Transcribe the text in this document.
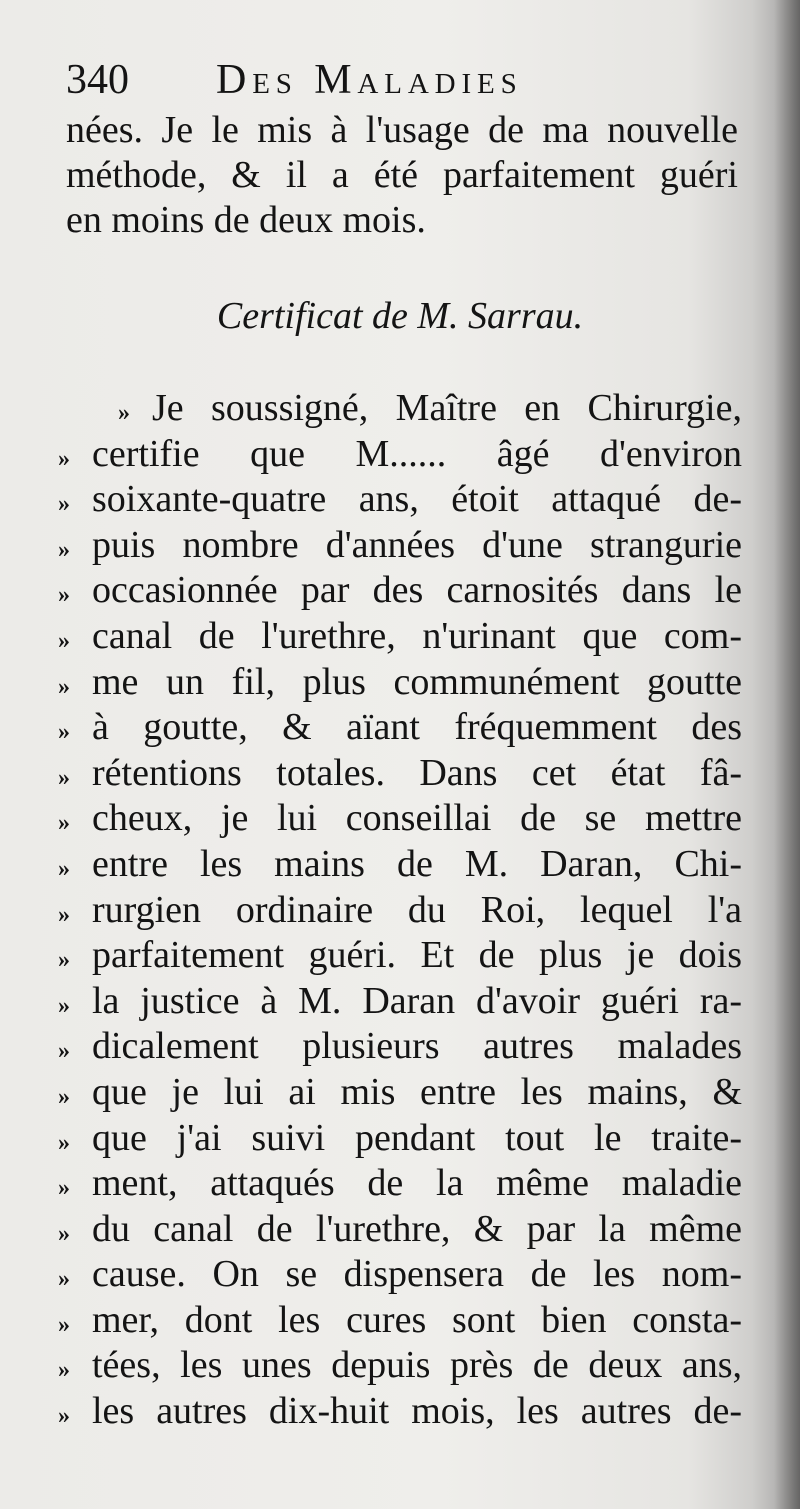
340 Des Maladies
nées. Je le mis à l'usage de ma nouvelle
méthode, & il a été parfaitement guéri
en moins de deux mois.
Certificat de M. Sarrau.
» Je soussigné, Maître en Chirurgie,
» certifie que M...... âgé d'environ
» soixante-quatre ans, étoit attaqué de-
» puis nombre d'années d'une strangurie
» occasionnée par des carnosités dans le
» canal de l'urethre, n'urinant que com-
» me un fil, plus communément goutte
» à goutte, & aïant fréquemment des
» rétentions totales. Dans cet état fâ-
» cheux, je lui conseillai de se mettre
» entre les mains de M. Daran, Chi-
» rurgien ordinaire du Roi, lequel l'a
» parfaitement guéri. Et de plus je dois
» la justice à M. Daran d'avoir guéri ra-
» dicalement plusieurs autres malades
» que je lui ai mis entre les mains, &
» que j'ai suivi pendant tout le traite-
» ment, attaqués de la même maladie
» du canal de l'urethre, & par la même
» cause. On se dispensera de les nom-
» mer, dont les cures sont bien consta-
» tées, les unes depuis près de deux ans,
» les autres dix-huit mois, les autres de-
